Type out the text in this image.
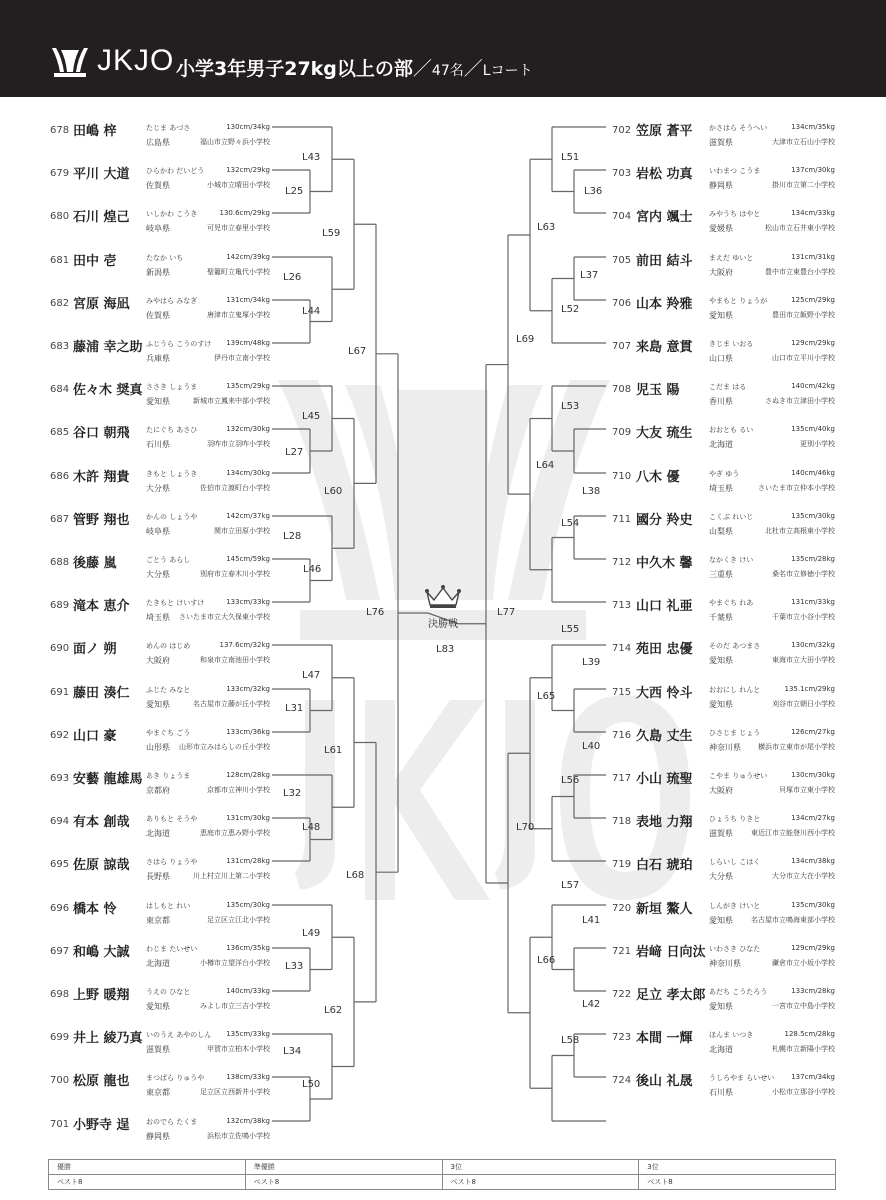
JKJO 小学3年男子27kg以上の部／47名／Lコート
678 田嶋 梓	たじま あづさ
広島県
130cm/34kg
福山市立野々浜小学校
679 平川 大道 ひらかわ だいどう
佐賀県
132cm/29kg
小城市立晴田小学校
680 石川 煌己 いしかわ こうき
岐阜県
130.6cm/29kg
可児市立春里小学校
681 田中 壱	たなか いち
新潟県
142cm/39kg
聖籠町立亀代小学校
682 宮原 海凪 みやはら みなぎ
佐賀県
131cm/34kg
唐津市立鬼塚小学校
683 藤浦 幸之助 ふじうら こうのすけ
兵庫県
139cm/48kg
伊丹市立南小学校
684 佐々木 奨真 ささき しょうま
愛知県
135cm/29kg
新城市立鳳来中部小学校
685 谷口 朝飛 たにぐち あさひ
石川県
132cm/30kg
羽咋市立羽咋小学校
686 木許 翔貴 きもと しょうき
大分県
134cm/30kg
佐伯市立渡町台小学校
687 管野 翔也 かんの しょうや
岐阜県
142cm/37kg
関市立田原小学校
688 後藤 嵐	ごとう あらし
大分県
145cm/59kg
別府市立春木川小学校
689 滝本 恵介 たきもと けいすけ
埼玉県
133cm/33kg
さいたま市立大久保東小学校
690 面ノ 朔	めんの はじめ
大阪府
137.6cm/32kg
和泉市立南池田小学校
691 藤田 湊仁 ふじた みなと
愛知県
133cm/32kg
名古屋市立藤が丘小学校
692 山口 豪	やまぐち ごう
山形県
133cm/36kg
山形市立みはらしの丘小学校
693 安藝 龍雄馬 あき りょうま
京都府
128cm/28kg
京都市立神川小学校
694 有本 創哉 ありもと そうや
北海道
131cm/30kg
恵庭市立恵み野小学校
695 佐原 諒哉 さはら りょうや
長野県
131cm/28kg
川上村立川上第二小学校
696 橋本 怜	はしもと れい
東京都
135cm/30kg
足立区立江北小学校
697 和嶋 大誠 わじま たいせい
北海道
136cm/35kg
小樽市立望洋台小学校
698 上野 暖翔 うえの ひなと
愛知県
140cm/33kg
みよし市立三吉小学校
699 井上 綾乃真 いのうえ あやのしん
滋賀県
135cm/33kg
甲賀市立柏木小学校
700 松原 龍也 まつばら りゅうや
東京都
138cm/33kg
足立区立西新井小学校
701 小野寺 逞 おのでら たくま
静岡県
132cm/38kg
浜松市立佐鳴小学校
702 笠原 蒼平 かさはら そうへい
滋賀県
134cm/35kg
大津市立石山小学校
703 岩松 功真 いわまつ こうま
静岡県
137cm/30kg
掛川市立第二小学校
704 宮内 颯士 みやうち はやと
愛媛県
134cm/33kg
松山市立石井東小学校
705 前田 結斗 まえだ ゆいと
大阪府
131cm/31kg
豊中市立東豊台小学校
706 山本 羚雅 やまもと りょうが
愛知県
125cm/29kg
豊田市立飯野小学校
707 来島 意貫 きじま いおる
山口県
129cm/29kg
山口市立平川小学校
708 児玉 陽	こだま はる
香川県
140cm/42kg
さぬき市立津田小学校
709 大友 琉生 おおとも るい
北海道
135cm/40kg
更別小学校
710 八木 優	やぎ ゆう
埼玉県
140cm/46kg
さいたま市立仲本小学校
711 國分 羚史 こくぶ れいじ
山梨県
135cm/30kg
北杜市立高根東小学校
712 中久木 馨 なかくき けい
三重県
135cm/28kg
桑名市立修徳小学校
713 山口 礼亜 やまぐち れあ
千葉県
131cm/33kg
千葉市立小谷小学校
714 苑田 忠優 そのだ あつまさ
愛知県
130cm/32kg
東海市立大田小学校
715 大西 怜斗 おおにし れんと
愛知県
135.1cm/29kg
刈谷市立朝日小学校
716 久島 丈生 ひさじま じょう
神奈川県
126cm/27kg
横浜市立東市が尾小学校
717 小山 琉聖 こやま りゅうせい
大阪府
130cm/30kg
貝塚市立東小学校
718 表地 力翔 ひょうち りきと
滋賀県
134cm/27kg
東近江市立能登川西小学校
719 白石 琥珀 しらいし こはく
大分県
134cm/38kg
大分市立大在小学校
720 新垣 鰲人 しんがき けいと
愛知県
135cm/30kg
名古屋市立鳴海東部小学校
721 岩﨑 日向汰 いわさき ひなた
神奈川県
129cm/29kg
鎌倉市立小坂小学校
722 足立 孝太郎 あだち こうたろう
愛知県
133cm/28kg
一宮市立中島小学校
723 本間 一輝 ほんま いつき
北海道
128.5cm/28kg
札幌市立新陽小学校
724 後山 礼晟 うしろやま らいせい
石川県
137cm/34kg
小松市立那谷小学校
L43
L25
L59
L26
L44
L67
L45
L27
L60
L28
L46
L76
L47
L31
L61
L32
L48
L68
L49
L33
L62
L34
L50
L51
L36
L63
L37
L52
L69
L53
L64
L38
L54
L77
L55
L39
L65
L40
L56
L70
L57
L41
L66
L42
L58
L83
決勝戦
優勝	準優勝	3位	3位
ベスト8	ベスト8	ベスト8	ベスト8
